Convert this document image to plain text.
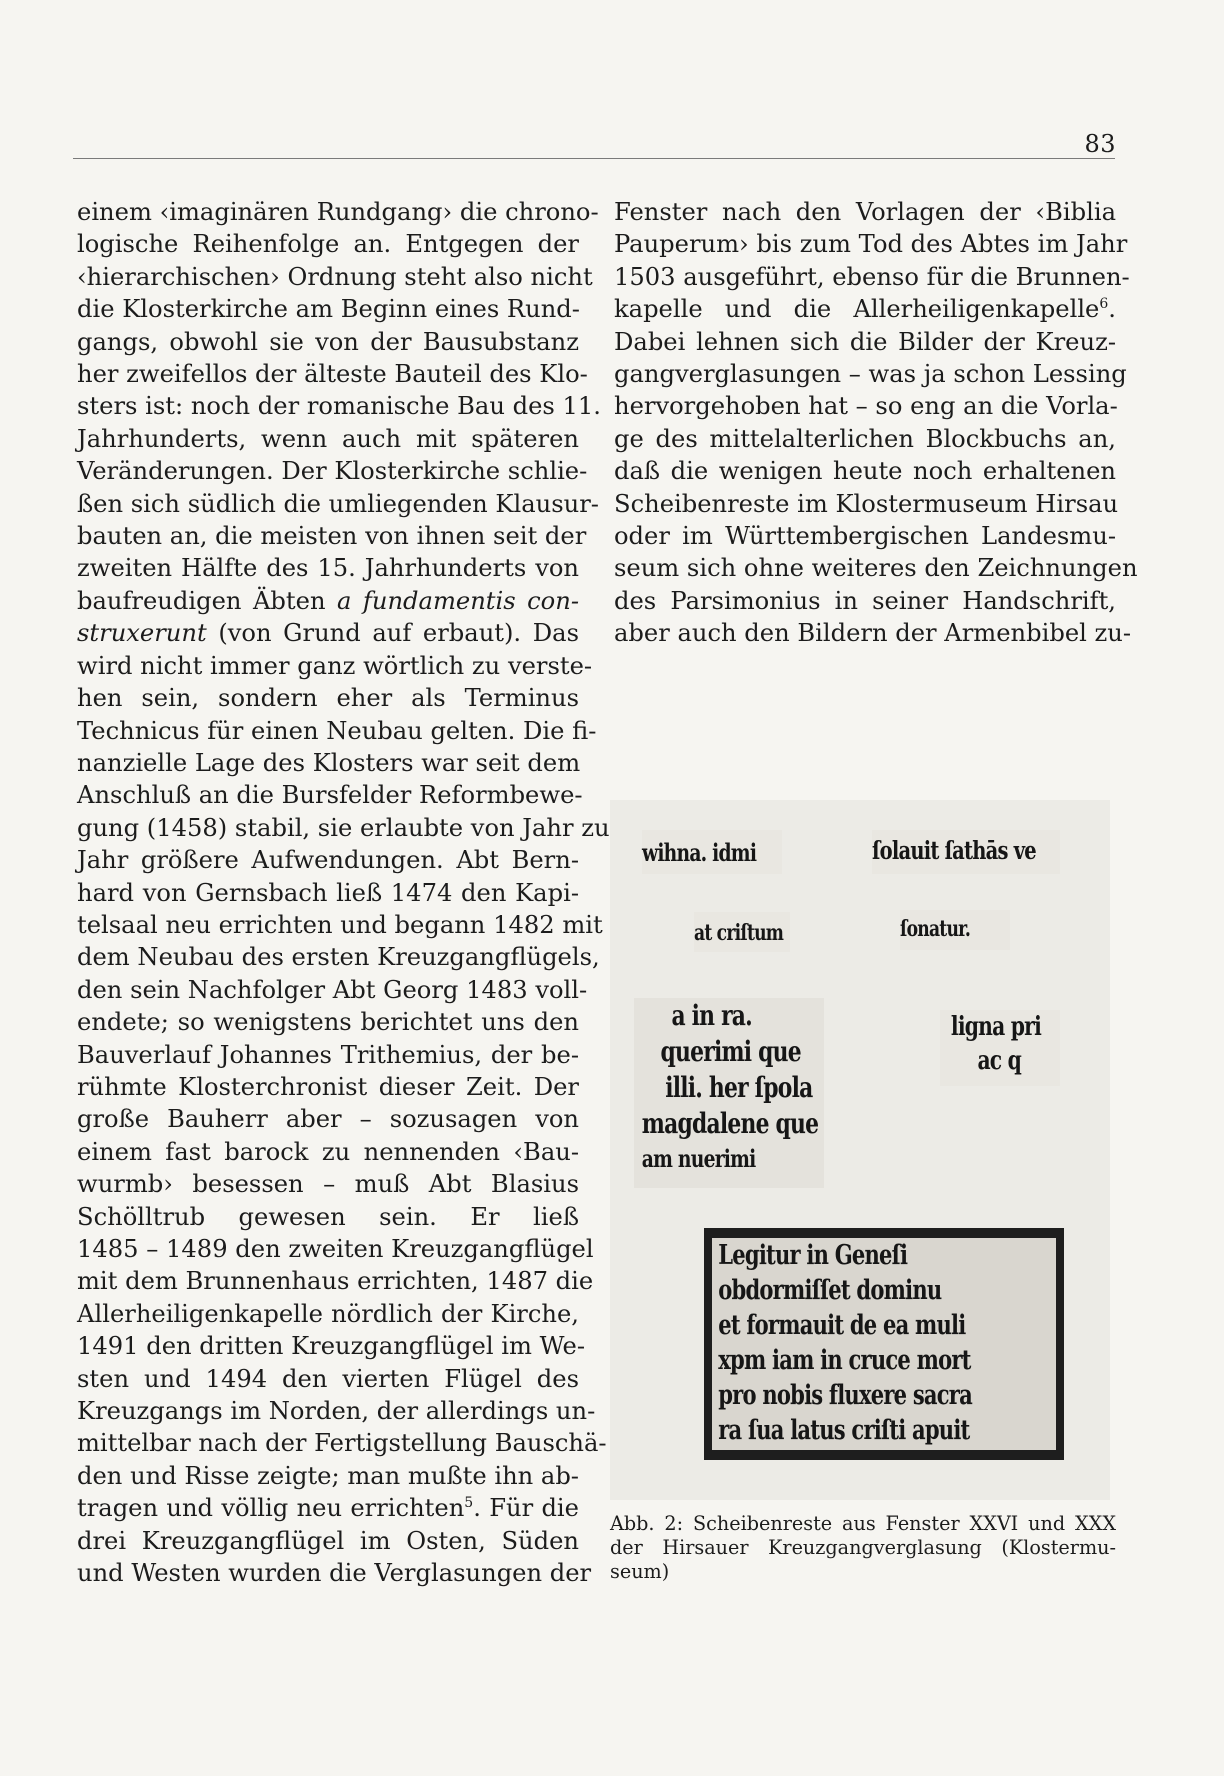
83
einem ‹imaginären Rundgang› die chrono-
logische Reihenfolge an. Entgegen der
‹hierarchischen› Ordnung steht also nicht
die Klosterkirche am Beginn eines Rund-
gangs, obwohl sie von der Bausubstanz
her zweifellos der älteste Bauteil des Klo-
sters ist: noch der romanische Bau des 11.
Jahrhunderts, wenn auch mit späteren
Veränderungen. Der Klosterkirche schlie-
ßen sich südlich die umliegenden Klausur-
bauten an, die meisten von ihnen seit der
zweiten Hälfte des 15. Jahrhunderts von
baufreudigen Äbten a fundamentis con-
struxerunt (von Grund auf erbaut). Das
wird nicht immer ganz wörtlich zu verste-
hen sein, sondern eher als Terminus
Technicus für einen Neubau gelten. Die fi-
nanzielle Lage des Klosters war seit dem
Anschluß an die Bursfelder Reformbewe-
gung (1458) stabil, sie erlaubte von Jahr zu
Jahr größere Aufwendungen. Abt Bern-
hard von Gernsbach ließ 1474 den Kapi-
telsaal neu errichten und begann 1482 mit
dem Neubau des ersten Kreuzgangflügels,
den sein Nachfolger Abt Georg 1483 voll-
endete; so wenigstens berichtet uns den
Bauverlauf Johannes Trithemius, der be-
rühmte Klosterchronist dieser Zeit. Der
große Bauherr aber – sozusagen von
einem fast barock zu nennenden ‹Bau-
wurmb› besessen – muß Abt Blasius
Schölltrub gewesen sein. Er ließ
1485 – 1489 den zweiten Kreuzgangflügel
mit dem Brunnenhaus errichten, 1487 die
Allerheiligenkapelle nördlich der Kirche,
1491 den dritten Kreuzgangflügel im We-
sten und 1494 den vierten Flügel des
Kreuzgangs im Norden, der allerdings un-
mittelbar nach der Fertigstellung Bauschä-
den und Risse zeigte; man mußte ihn ab-
tragen und völlig neu errichten$^5$. Für die
drei Kreuzgangflügel im Osten, Süden
und Westen wurden die Verglasungen der
Fenster nach den Vorlagen der ‹Biblia
Pauperum› bis zum Tod des Abtes im Jahr
1503 ausgeführt, ebenso für die Brunnen-
kapelle und die Allerheiligenkapelle$^6$.
Dabei lehnen sich die Bilder der Kreuz-
gangverglasungen – was ja schon Lessing
hervorgehoben hat – so eng an die Vorla-
ge des mittelalterlichen Blockbuchs an,
daß die wenigen heute noch erhaltenen
Scheibenreste im Klostermuseum Hirsau
oder im Württembergischen Landesmu-
seum sich ohne weiteres den Zeichnungen
des Parsimonius in seiner Handschrift,
aber auch den Bildern der Armenbibel zu-
wihna. idmi	ſolauit ſathās ve
at criſtum	ſonatur.
a in ra.
querimi que
illi. her ſpola
magdalene que
am nuerimi
ligna pri
ac q
Legitur in Geneſi
obdormiſſet dominu
et formauit de ea muli
xpm iam in cruce mort
pro nobis fluxere sacra
ra ſua latus criſti apuit
Abb. 2: Scheibenreste aus Fenster XXVI und XXX
der Hirsauer Kreuzgangverglasung (Klostermu-
seum)
